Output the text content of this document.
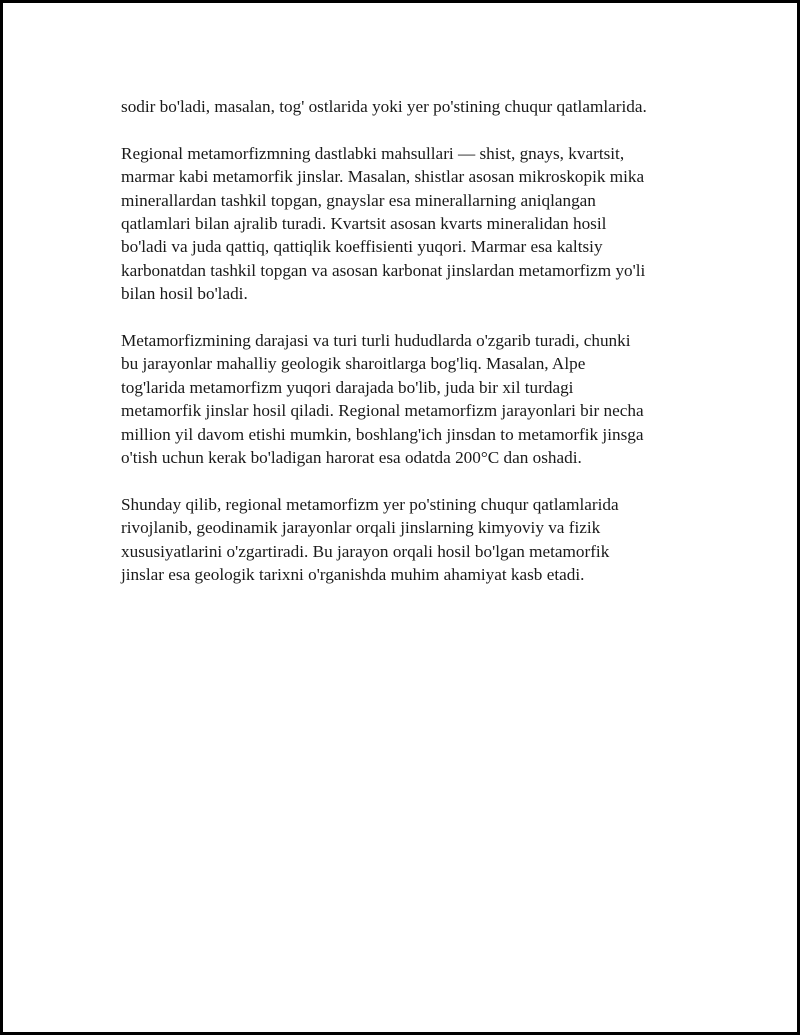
sodir bo'ladi, masalan, tog' ostlarida yoki yer po'stining chuqur qatlamlarida.

Regional metamorfizmning dastlabki mahsullari — shist, gnays, kvartsit,
marmar kabi metamorfik jinslar. Masalan, shistlar asosan mikroskopik mika
minerallardan tashkil topgan, gnayslar esa minerallarning aniqlangan
qatlamlari bilan ajralib turadi. Kvartsit asosan kvarts mineralidan hosil
bo'ladi va juda qattiq, qattiqlik koeffisienti yuqori. Marmar esa kaltsiy
karbonatdan tashkil topgan va asosan karbonat jinslardan metamorfizm yo'li
bilan hosil bo'ladi.

Metamorfizmining darajasi va turi turli hududlarda o'zgarib turadi, chunki
bu jarayonlar mahalliy geologik sharoitlarga bog'liq. Masalan, Alpe
tog'larida metamorfizm yuqori darajada bo'lib, juda bir xil turdagi
metamorfik jinslar hosil qiladi. Regional metamorfizm jarayonlari bir necha
million yil davom etishi mumkin, boshlang'ich jinsdan to metamorfik jinsga
o'tish uchun kerak bo'ladigan harorat esa odatda 200°C dan oshadi.

Shunday qilib, regional metamorfizm yer po'stining chuqur qatlamlarida
rivojlanib, geodinamik jarayonlar orqali jinslarning kimyoviy va fizik
xususiyatlarini o'zgartiradi. Bu jarayon orqali hosil bo'lgan metamorfik
jinslar esa geologik tarixni o'rganishda muhim ahamiyat kasb etadi.
